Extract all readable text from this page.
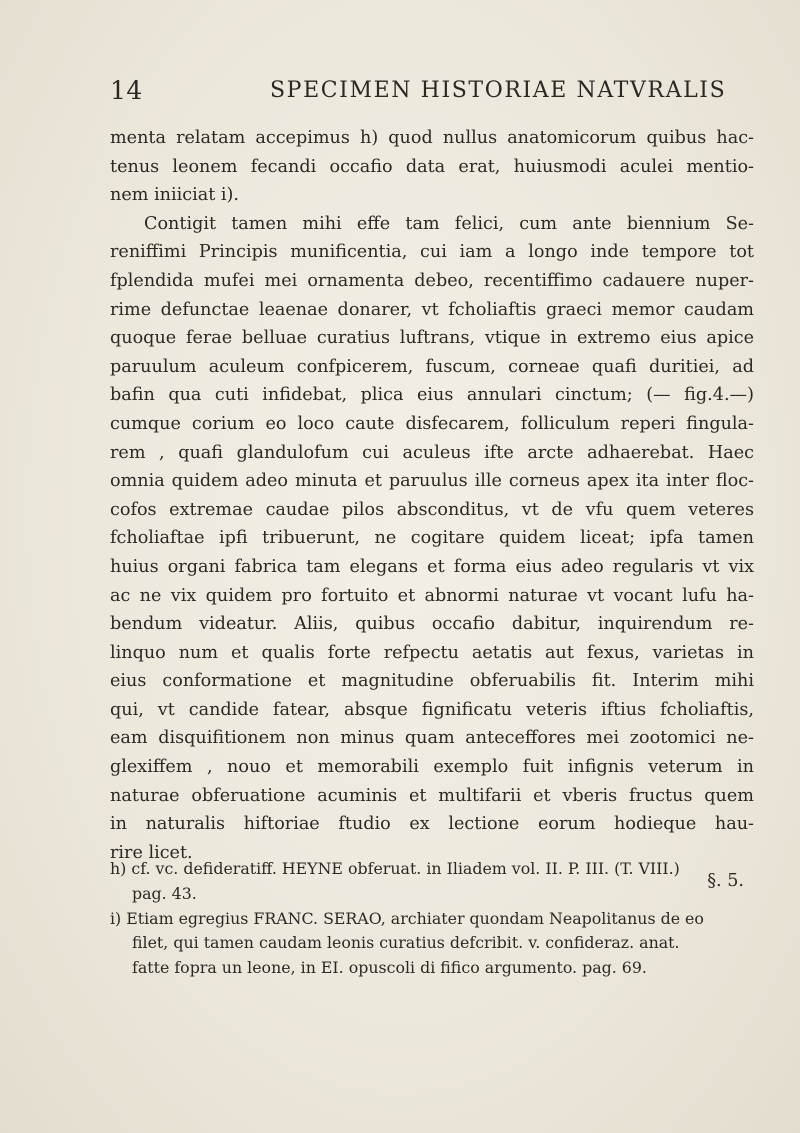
14	SPECIMEN HISTORIAE NATVRALIS
menta relatam accepimus h) quod nullus anatomicorum quibus hac-
tenus leonem fecandi occafio data erat, huiusmodi aculei mentio-
nem iniiciat i).
Contigit tamen mihi effe tam felici, cum ante biennium Se-
reniffimi Principis munificentia, cui iam a longo inde tempore tot
fplendida mufei mei ornamenta debeo, recentiffimo cadauere nuper-
rime defunctae leaenae donarer, vt fcholiaftis graeci memor caudam
quoque ferae belluae curatius luftrans, vtique in extremo eius apice
paruulum aculeum confpicerem, fuscum, corneae quafi duritiei, ad
bafin qua cuti infidebat, plica eius annulari cinctum; (— fig.4.—)
cumque corium eo loco caute disfecarem, folliculum reperi fingula-
rem , quafi glandulofum cui aculeus ifte arcte adhaerebat. Haec
omnia quidem adeo minuta et paruulus ille corneus apex ita inter floc-
cofos extremae caudae pilos absconditus, vt de vfu quem veteres
fcholiaftae ipfi tribuerunt, ne cogitare quidem liceat; ipfa tamen
huius organi fabrica tam elegans et forma eius adeo regularis vt vix
ac ne vix quidem pro fortuito et abnormi naturae vt vocant lufu ha-
bendum videatur. Aliis, quibus occafio dabitur, inquirendum re-
linquo num et qualis forte refpectu aetatis aut fexus, varietas in
eius conformatione et magnitudine obferuabilis fit. Interim mihi
qui, vt candide fatear, absque fignificatu veteris iftius fcholiaftis,
eam disquifitionem non minus quam anteceffores mei zootomici ne-
glexiffem , nouo et memorabili exemplo fuit infignis veterum in
naturae obferuatione acuminis et multifarii et vberis fructus quem
in naturalis hiftoriae ftudio ex lectione eorum hodieque hau-
rire licet.
§. 5.
h) cf. vc. defideratiff. HEYNE obferuat. in Iliadem vol. II. P. III. (T. VIII.)
pag. 43.
i) Etiam egregius FRANC. SERAO, archiater quondam Neapolitanus de eo
filet, qui tamen caudam leonis curatius defcribit. v. confideraz. anat.
fatte fopra un leone, in EI. opuscoli di fifico argumento. pag. 69.
